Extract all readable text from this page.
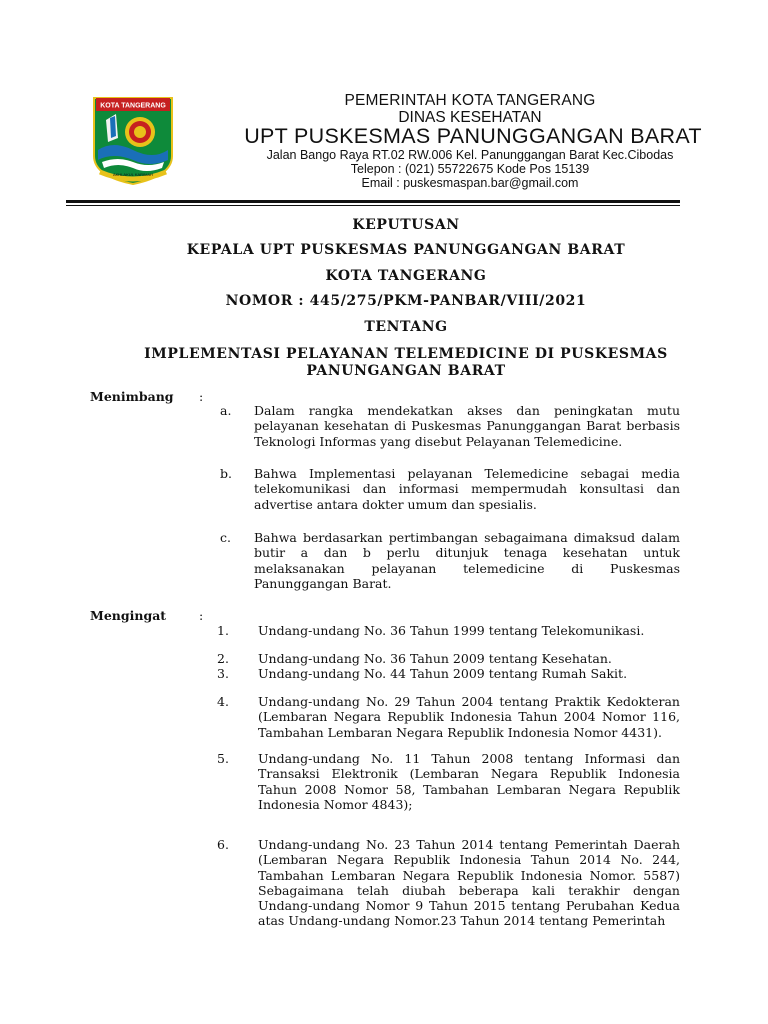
KOTA TANGERANG
AKHLAKUL KARIMAH
PEMERINTAH KOTA TANGERANG
DINAS KESEHATAN
UPT PUSKESMAS PANUNGGANGAN BARAT
Jalan Bango Raya RT.02 RW.006 Kel. Panunggangan Barat Kec.Cibodas
Telepon : (021) 55722675 Kode Pos 15139
Email : puskesmaspan.bar@gmail.com
KEPUTUSAN
KEPALA UPT PUSKESMAS PANUNGGANGAN BARAT
KOTA TANGERANG
NOMOR : 445/275/PKM-PANBAR/VIII/2021
TENTANG
IMPLEMENTASI PELAYANAN TELEMEDICINE DI PUSKESMAS
PANUNGANGAN BARAT
Menimbang :
a. Dalam rangka mendekatkan akses dan peningkatan mutu pelayanan kesehatan di Puskesmas Panunggangan Barat berbasis Teknologi Informas yang disebut Pelayanan Telemedicine.

b. Bahwa Implementasi pelayanan Telemedicine sebagai media telekomunikasi dan informasi mempermudah konsultasi dan advertise antara dokter umum dan spesialis.

c. Bahwa berdasarkan pertimbangan sebagaimana dimaksud dalam butir a dan b perlu ditunjuk tenaga kesehatan untuk melaksanakan pelayanan telemedicine di Puskesmas Panunggangan Barat.

Mengingat	:
1. Undang-undang No. 36 Tahun 1999 tentang Telekomunikasi.

2. Undang-undang No. 36 Tahun 2009 tentang Kesehatan.

3. Undang-undang No. 44 Tahun 2009 tentang Rumah Sakit.

4. Undang-undang No. 29 Tahun 2004 tentang Praktik Kedokteran (Lembaran Negara Republik Indonesia Tahun 2004 Nomor 116, Tambahan Lembaran Negara Republik Indonesia Nomor 4431).

5. Undang-undang No. 11 Tahun 2008 tentang Informasi dan Transaksi Elektronik (Lembaran Negara Republik Indonesia Tahun 2008 Nomor 58, Tambahan Lembaran Negara Republik Indonesia Nomor 4843);

6. Undang-undang No. 23 Tahun 2014 tentang Pemerintah Daerah (Lembaran Negara Republik Indonesia Tahun 2014 No. 244, Tambahan Lembaran Negara Republik Indonesia Nomor. 5587) Sebagaimana telah diubah beberapa kali terakhir dengan Undang-undang Nomor 9 Tahun 2015 tentang Perubahan Kedua atas Undang-undang Nomor.23 Tahun 2014 tentang Pemerintah
